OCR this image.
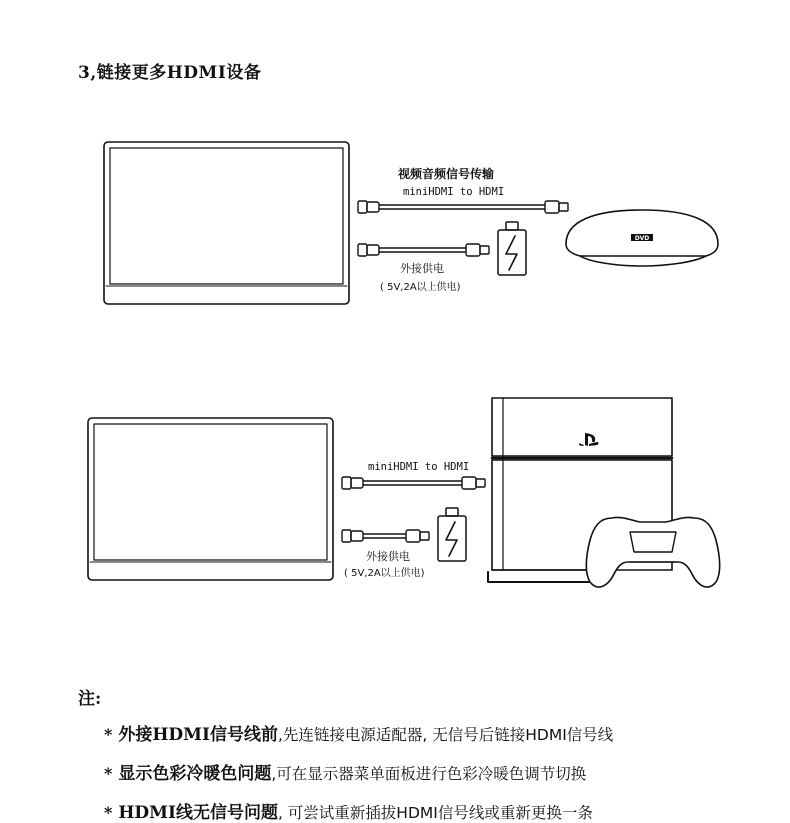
3,链接更多HDMI设备
视频音频信号传输
miniHDMI to HDMI
外接供电
( 5V,2A以上供电)
DVD
miniHDMI to HDMI
外接供电
( 5V,2A以上供电)
注:
* 外接HDMI信号线前,先连链接电源适配器, 无信号后链接HDMI信号线
* 显示色彩冷暖色问题,可在显示器菜单面板进行色彩冷暖色调节切换
* HDMI线无信号问题, 可尝试重新插拔HDMI信号线或重新更换一条
